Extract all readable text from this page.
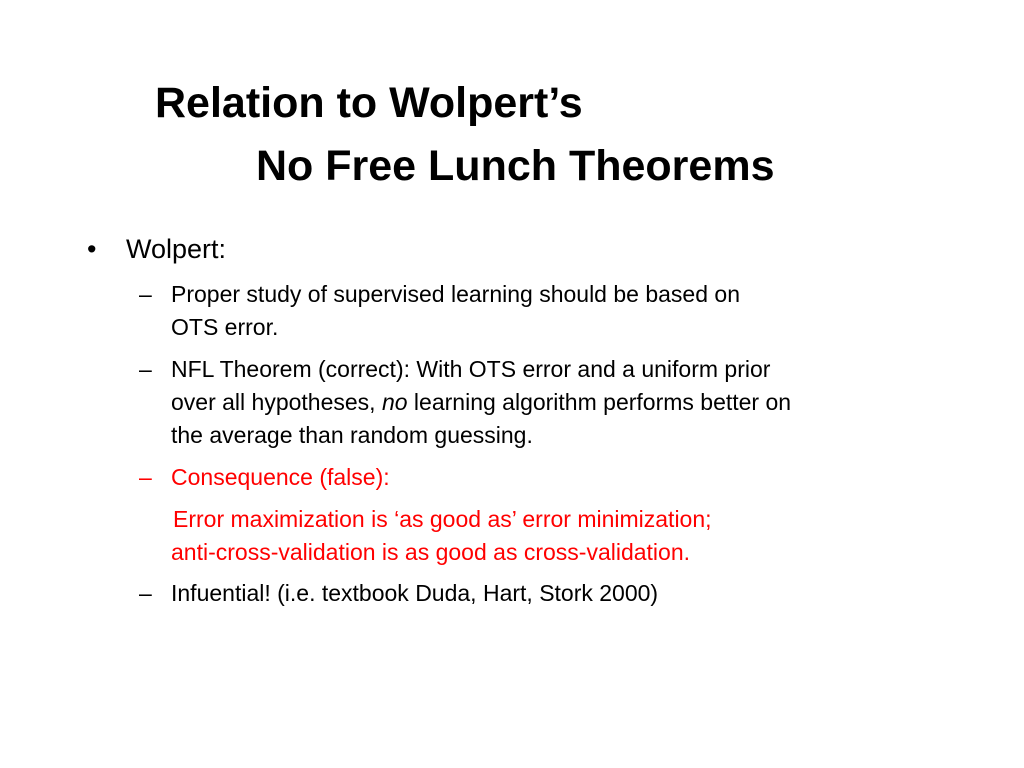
Relation to Wolpert’s
No Free Lunch Theorems
• Wolpert:
– Proper study of supervised learning should be based on
OTS error.
– NFL Theorem (correct): With OTS error and a uniform prior
over all hypotheses, no learning algorithm performs better on
the average than random guessing.
– Consequence (false):
Error maximization is ‘as good as’ error minimization;
anti-cross-validation is as good as cross-validation.
– Infuential! (i.e. textbook Duda, Hart, Stork 2000)
